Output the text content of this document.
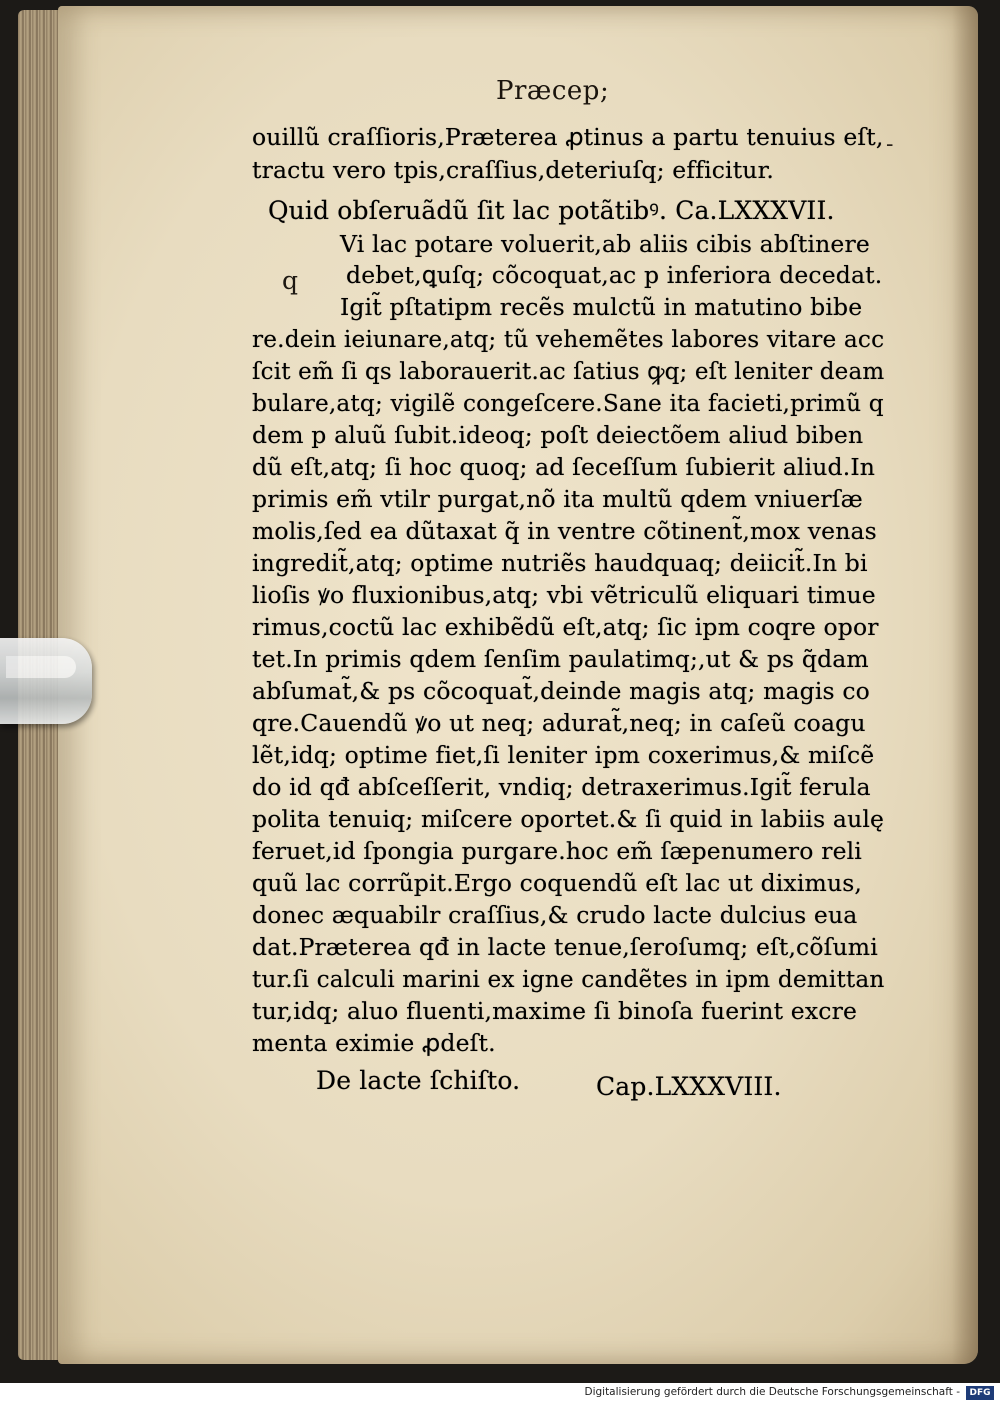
Præcep;
-
q
ouillũ craſſioris,Præterea ꝓtinus a partu tenuius eſt,
tractu vero tpis,craſſius,deteriuſq; efficitur.
Quid obſeruãdũ ſit lac potãtibꝰ. Ca.LXXXVII.
Vi lac potare voluerit,ab aliis cibis abſtinere
debet,ꝗuſq; cõcoquat,ac p inferiora decedat.
Igit̃ pſtatipm recẽs mulctũ in matutino bibe
re.dein ieiunare,atq; tũ vehemẽtes labores vitare acc
ſcit em̃ ſi qs laborauerit.ac ſatius ꝙq; eſt leniter deam
bulare,atq; vigilẽ congeſcere.Sane ita facieti,primũ q
dem p aluũ ſubit.ideoq; poſt deiectõem aliud biben
dũ eſt,atq; ſi hoc quoq; ad ſeceſſum ſubierit aliud.In
primis em̃ vtilr purgat,nõ ita multũ qdem vniuerſæ
molis,ſed ea dũtaxat q̃ in ventre cõtinent̃,mox venas
ingredit̃,atq; optime nutriẽs haudquaq; deiicit̃.In bi
lioſis ꝟo fluxionibus,atq; vbi vẽtriculũ eliquari timue
rimus,coctũ lac exhibẽdũ eſt,atq; ſic ipm coqre opor
tet.In primis qdem ſenſim paulatimq;,ut & ps q̃dam
abſumat̃,& ps cõcoquat̃,deinde magis atq; magis co
qre.Cauendũ ꝟo ut neq; adurat̃,neq; in caſeũ coagu
lẽt,idq; optime fiet,ſi leniter ipm coxerimus,& miſcẽ
do id qđ abſceſſerit, vndiq; detraxerimus.Igit̃ ferula
polita tenuiq; miſcere oportet.& ſi quid in labiis aulę
feruet,id ſpongia purgare.hoc em̃ ſæpenumero reli
quũ lac corrũpit.Ergo coquendũ eſt lac ut diximus,
donec æquabilr craſſius,& crudo lacte dulcius eua
dat.Præterea qđ in lacte tenue,ſeroſumq; eſt,cõſumi
tur.ſi calculi marini ex igne candẽtes in ipm demittan
tur,idq; aluo fluenti,maxime ſi binoſa fuerint excre
menta eximie ꝓdeſt.
De lacte ſchiſto.	Cap.LXXXVIII.
Digitalisierung gefördert durch die Deutsche Forschungsgemeinschaft -	DFG
